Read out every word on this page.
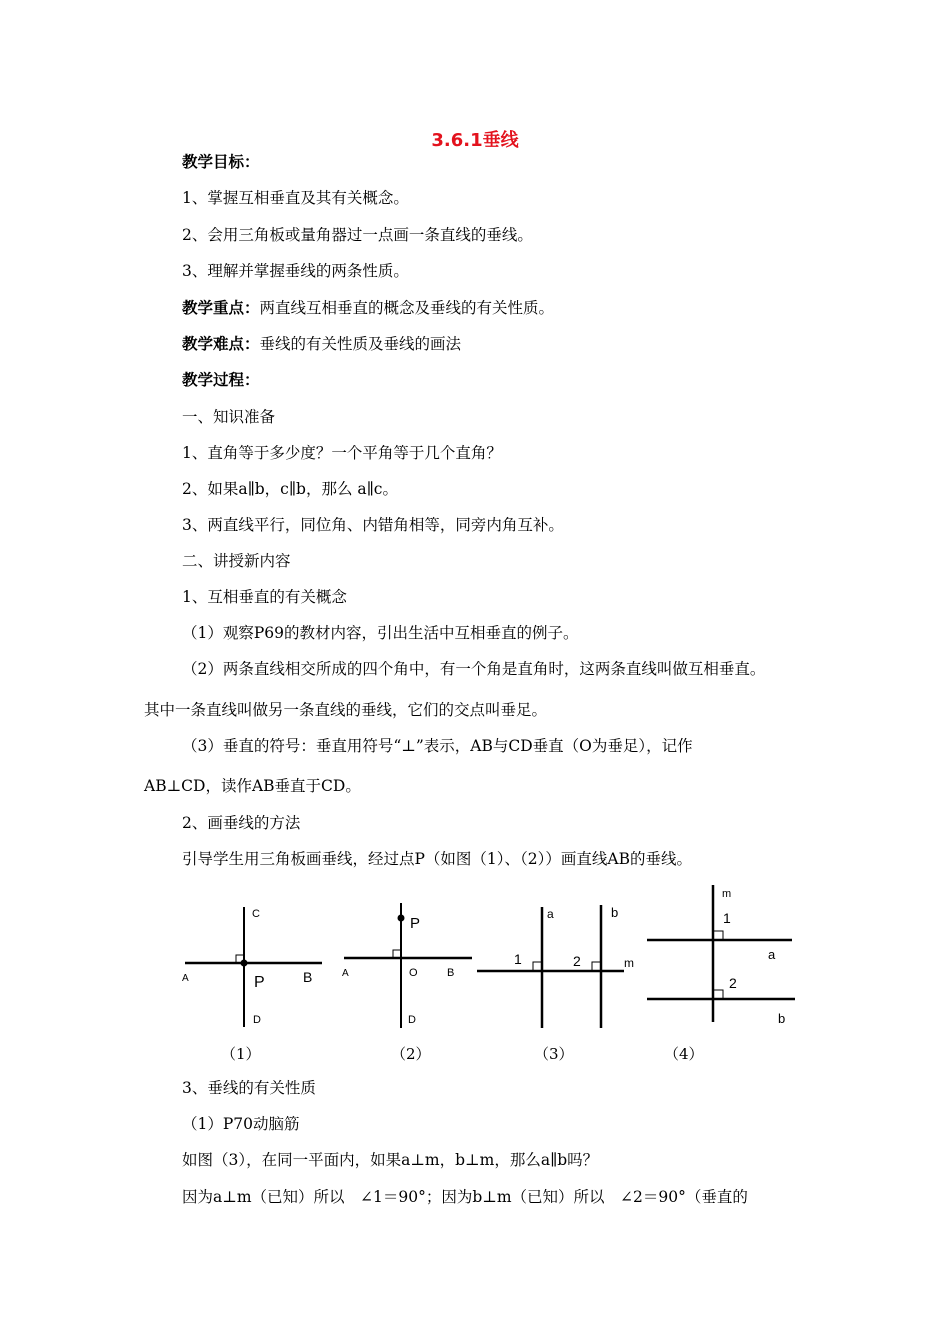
3.6.1垂线
教学目标：
1、掌握互相垂直及其有关概念。
2、会用三角板或量角器过一点画一条直线的垂线。
3、理解并掌握垂线的两条性质。
教学重点：两直线互相垂直的概念及垂线的有关性质。
教学难点：垂线的有关性质及垂线的画法
教学过程：
一、知识准备
1、直角等于多少度？一个平角等于几个直角？
2、如果a∥b，c∥b，那么 a∥c。
3、两直线平行，同位角、内错角相等，同旁内角互补。
二、讲授新内容
1、互相垂直的有关概念
（1）观察P69的教材内容，引出生活中互相垂直的例子。
（2）两条直线相交所成的四个角中，有一个角是直角时，这两条直线叫做互相垂直。
其中一条直线叫做另一条直线的垂线，它们的交点叫垂足。
（3）垂直的符号：垂直用符号“⊥”表示，AB与CD垂直（O为垂足），记作
AB⊥CD，读作AB垂直于CD。
2、画垂线的方法
引导学生用三角板画垂线，经过点P（如图（1）、（2））画直线AB的垂线。
C
A	P	B
D
（1）
P
A	O	B
D
（2）
a	b
1	2	m
（3）
m
1
a
2
b
（4）
3、垂线的有关性质
（1）P70动脑筋
如图（3），在同一平面内，如果a⊥m，b⊥m，那么a∥b吗？
因为a⊥m（已知）所以　∠1＝90°；因为b⊥m（已知）所以　∠2＝90°（垂直的
